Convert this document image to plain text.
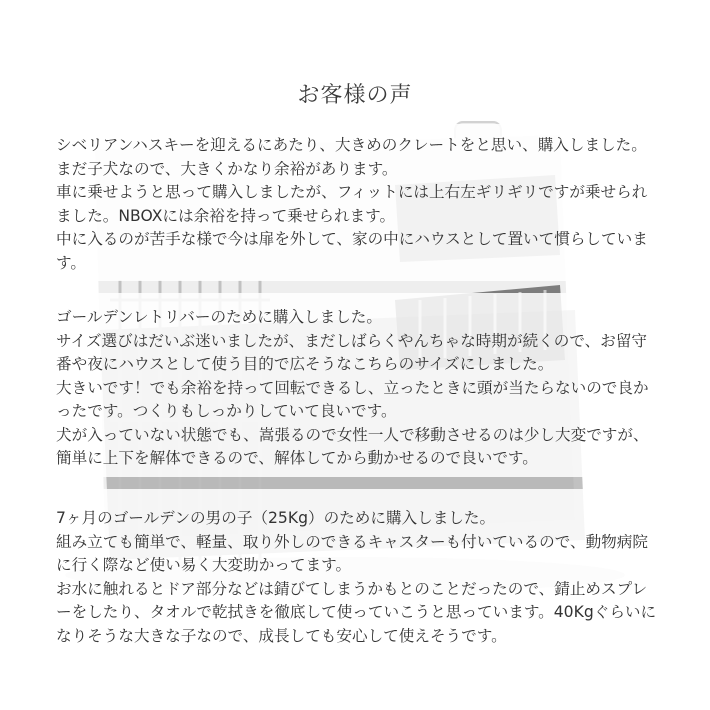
お客様の声

シベリアンハスキーを迎えるにあたり、大きめのクレートをと思い、購入しました。まだ子犬なので、大きくかなり余裕があります。

車に乗せようと思って購入しましたが、フィットには上右左ギリギリですが乗せられました。NBOXには余裕を持って乗せられます。

中に入るのが苦手な様で今は扉を外して、家の中にハウスとして置いて慣らしています。

ゴールデンレトリバーのために購入しました。

サイズ選びはだいぶ迷いましたが、まだしばらくやんちゃな時期が続くので、お留守番や夜にハウスとして使う目的で広そうなこちらのサイズにしました。

大きいです！でも余裕を持って回転できるし、立ったときに頭が当たらないので良かったです。つくりもしっかりしていて良いです。

犬が入っていない状態でも、嵩張るので女性一人で移動させるのは少し大変ですが、簡単に上下を解体できるので、解体してから動かせるので良いです。

7ヶ月のゴールデンの男の子（25Kg）のために購入しました。

組み立ても簡単で、軽量、取り外しのできるキャスターも付いているので、動物病院に行く際など使い易く大変助かってます。

お水に触れるとドア部分などは錆びてしまうかもとのことだったので、錆止めスプレーをしたり、タオルで乾拭きを徹底して使っていこうと思っています。40Kgぐらいになりそうな大きな子なので、成長しても安心して使えそうです。
